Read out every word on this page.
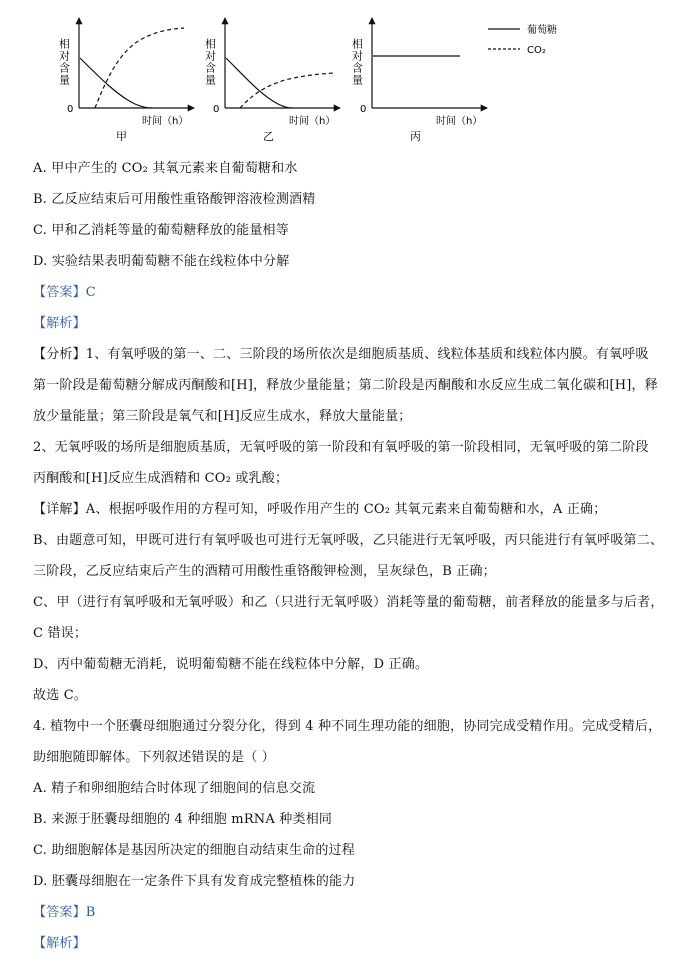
相对含量
0
时间（h）
甲
相对含量
0
时间（h）
乙
相对含量
0
时间（h）
丙
葡萄糖
CO₂
A. 甲中产生的 CO₂ 其氧元素来自葡萄糖和水
B. 乙反应结束后可用酸性重铬酸钾溶液检测酒精
C. 甲和乙消耗等量的葡萄糖释放的能量相等
D. 实验结果表明葡萄糖不能在线粒体中分解
【答案】C
【解析】
【分析】1、有氧呼吸的第一、二、三阶段的场所依次是细胞质基质、线粒体基质和线粒体内膜。有氧呼吸
第一阶段是葡萄糖分解成丙酮酸和[H]，释放少量能量；第二阶段是丙酮酸和水反应生成二氧化碳和[H]，释
放少量能量；第三阶段是氧气和[H]反应生成水，释放大量能量；
2、无氧呼吸的场所是细胞质基质，无氧呼吸的第一阶段和有氧呼吸的第一阶段相同，无氧呼吸的第二阶段
丙酮酸和[H]反应生成酒精和 CO₂ 或乳酸；
【详解】A、根据呼吸作用的方程可知，呼吸作用产生的 CO₂ 其氧元素来自葡萄糖和水，A 正确；
B、由题意可知，甲既可进行有氧呼吸也可进行无氧呼吸，乙只能进行无氧呼吸，丙只能进行有氧呼吸第二、
三阶段，乙反应结束后产生的酒精可用酸性重铬酸钾检测，呈灰绿色，B 正确；
C、甲（进行有氧呼吸和无氧呼吸）和乙（只进行无氧呼吸）消耗等量的葡萄糖，前者释放的能量多与后者，
C 错误；
D、丙中葡萄糖无消耗，说明葡萄糖不能在线粒体中分解，D 正确。
故选 C。
4. 植物中一个胚囊母细胞通过分裂分化，得到 4 种不同生理功能的细胞，协同完成受精作用。完成受精后，
助细胞随即解体。下列叙述错误的是（ ）
A. 精子和卵细胞结合时体现了细胞间的信息交流
B. 来源于胚囊母细胞的 4 种细胞 mRNA 种类相同
C. 助细胞解体是基因所决定的细胞自动结束生命的过程
D. 胚囊母细胞在一定条件下具有发育成完整植株的能力
【答案】B
【解析】
